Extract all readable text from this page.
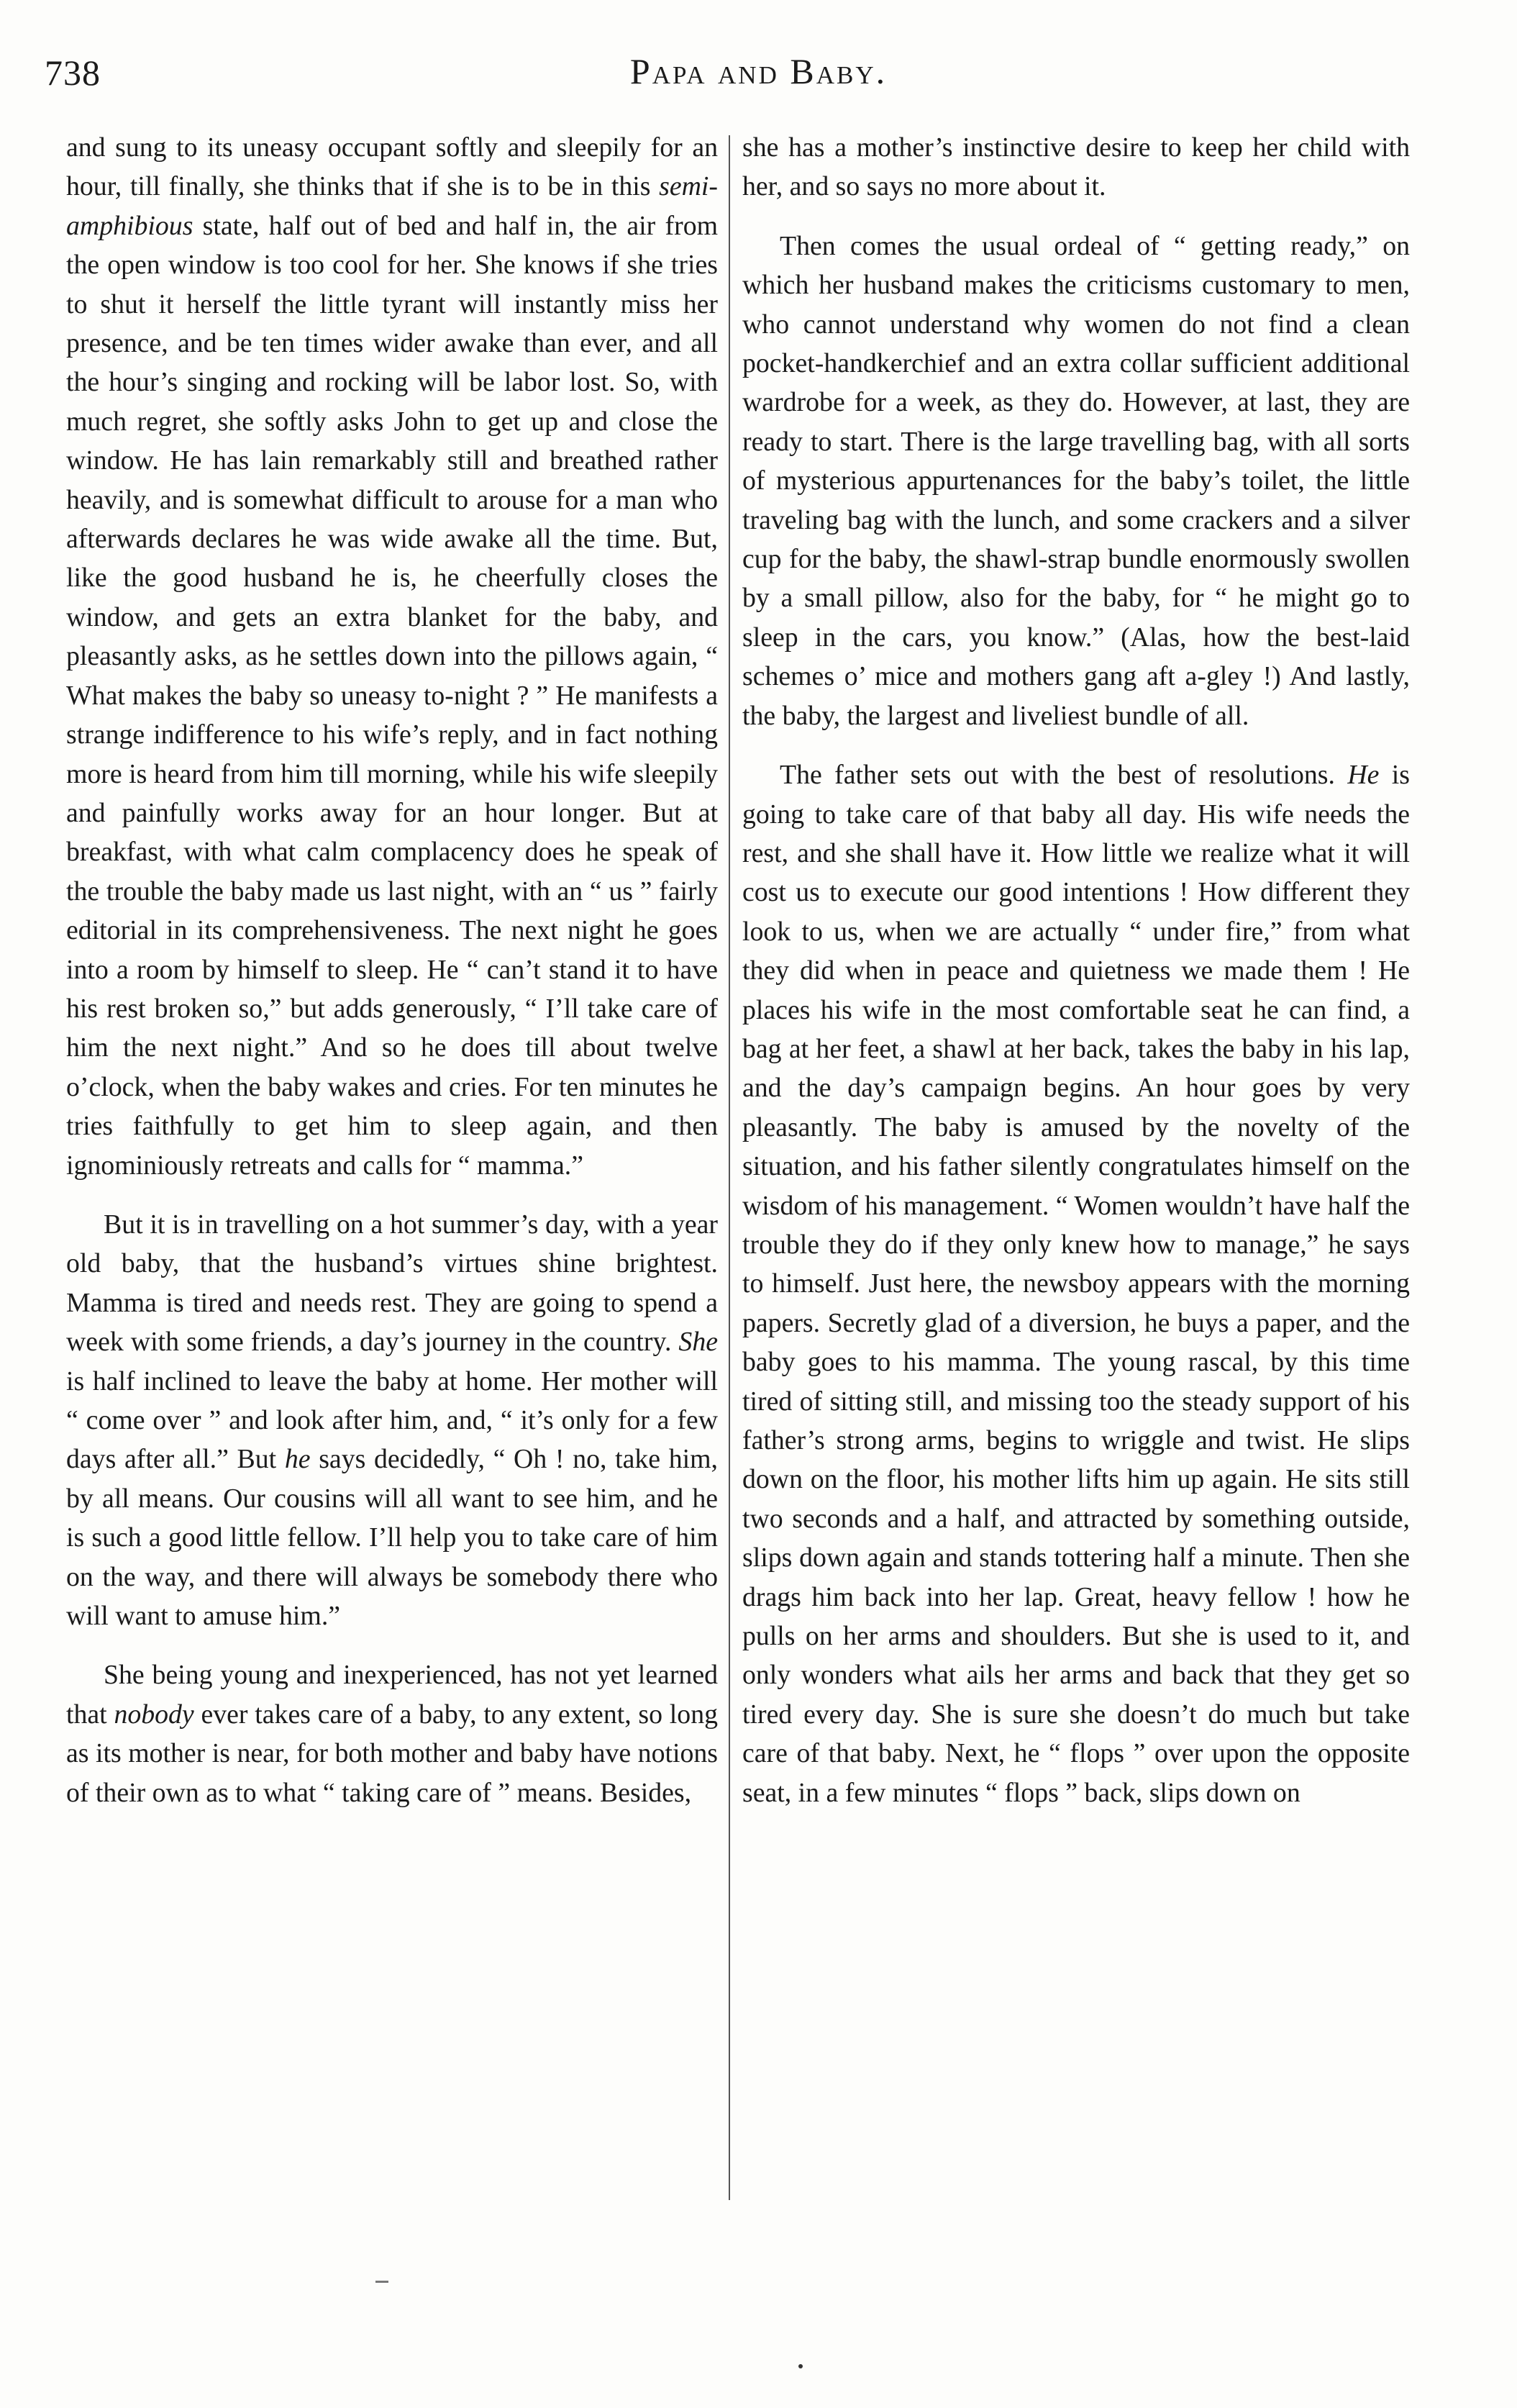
738	Papa and Baby.

and sung to its uneasy occupant softly and sleepily for an hour, till finally, she thinks that if she is to be in this semi-amphibious state, half out of bed and half in, the air from the open window is too cool for her. She knows if she tries to shut it herself the little tyrant will instantly miss her presence, and be ten times wider awake than ever, and all the hour’s singing and rocking will be labor lost. So, with much regret, she softly asks John to get up and close the window. He has lain remarkably still and breathed rather heavily, and is somewhat difficult to arouse for a man who afterwards declares he was wide awake all the time. But, like the good husband he is, he cheerfully closes the window, and gets an extra blanket for the baby, and pleasantly asks, as he settles down into the pillows again, “ What makes the baby so uneasy to-night ? ” He manifests a strange indifference to his wife’s reply, and in fact nothing more is heard from him till morning, while his wife sleepily and painfully works away for an hour longer. But at breakfast, with what calm complacency does he speak of the trouble the baby made us last night, with an “ us ” fairly editorial in its comprehensiveness. The next night he goes into a room by himself to sleep. He “ can’t stand it to have his rest broken so,” but adds generously, “ I’ll take care of him the next night.” And so he does till about twelve o’clock, when the baby wakes and cries. For ten minutes he tries faithfully to get him to sleep again, and then ignominiously retreats and calls for “ mamma.”

But it is in travelling on a hot summer’s day, with a year old baby, that the husband’s virtues shine brightest. Mamma is tired and needs rest. They are going to spend a week with some friends, a day’s journey in the country. She is half inclined to leave the baby at home. Her mother will “ come over ” and look after him, and, “ it’s only for a few days after all.” But he says decidedly, “ Oh ! no, take him, by all means. Our cousins will all want to see him, and he is such a good little fellow. I’ll help you to take care of him on the way, and there will always be somebody there who will want to amuse him.”

She being young and inexperienced, has not yet learned that nobody ever takes care of a baby, to any extent, so long as its mother is near, for both mother and baby have notions of their own as to what “ taking care of ” means. Besides,

she has a mother’s instinctive desire to keep her child with her, and so says no more about it.

Then comes the usual ordeal of “ getting ready,” on which her husband makes the criticisms customary to men, who cannot understand why women do not find a clean pocket-handkerchief and an extra collar sufficient additional wardrobe for a week, as they do. However, at last, they are ready to start. There is the large travelling bag, with all sorts of mysterious appurtenances for the baby’s toilet, the little traveling bag with the lunch, and some crackers and a silver cup for the baby, the shawl-strap bundle enormously swollen by a small pillow, also for the baby, for “ he might go to sleep in the cars, you know.” (Alas, how the best-laid schemes o’ mice and mothers gang aft a-gley !) And lastly, the baby, the largest and liveliest bundle of all.

The father sets out with the best of resolutions. He is going to take care of that baby all day. His wife needs the rest, and she shall have it. How little we realize what it will cost us to execute our good intentions ! How different they look to us, when we are actually “ under fire,” from what they did when in peace and quietness we made them ! He places his wife in the most comfortable seat he can find, a bag at her feet, a shawl at her back, takes the baby in his lap, and the day’s campaign begins. An hour goes by very pleasantly. The baby is amused by the novelty of the situation, and his father silently congratulates himself on the wisdom of his management. “ Women wouldn’t have half the trouble they do if they only knew how to manage,” he says to himself. Just here, the newsboy appears with the morning papers. Secretly glad of a diversion, he buys a paper, and the baby goes to his mamma. The young rascal, by this time tired of sitting still, and missing too the steady support of his father’s strong arms, begins to wriggle and twist. He slips down on the floor, his mother lifts him up again. He sits still two seconds and a half, and attracted by something outside, slips down again and stands tottering half a minute. Then she drags him back into her lap. Great, heavy fellow ! how he pulls on her arms and shoulders. But she is used to it, and only wonders what ails her arms and back that they get so tired every day. She is sure she doesn’t do much but take care of that baby. Next, he “ flops ” over upon the opposite seat, in a few minutes “ flops ” back, slips down on
